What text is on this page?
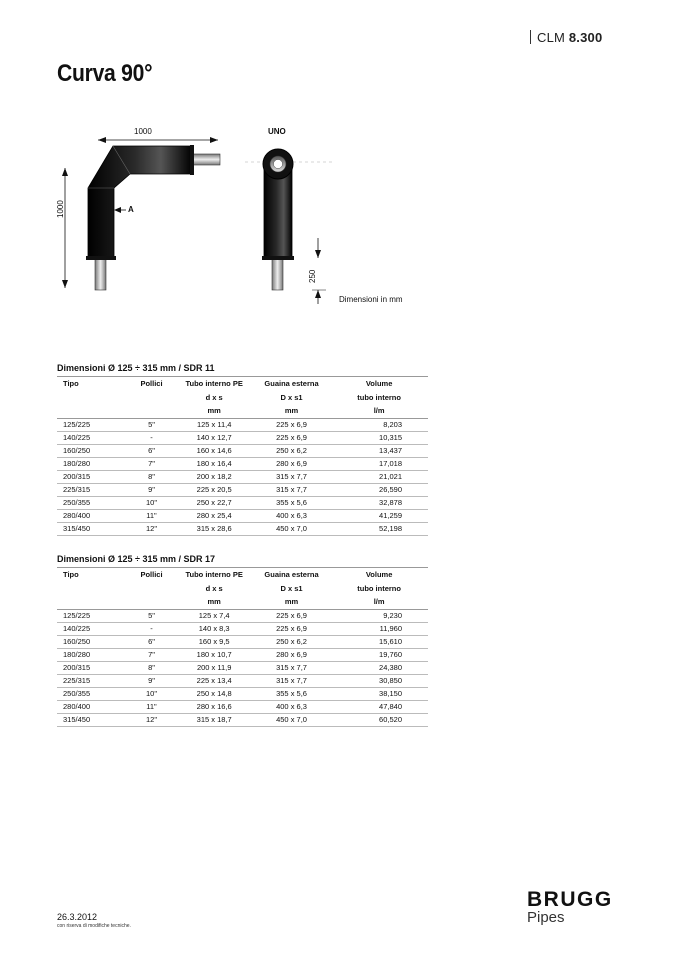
CLM 8.300
Curva 90°
1000
1000	A
UNO
250
Dimensioni in mm
Dimensioni Ø 125 ÷ 315 mm / SDR 11
Tipo	Pollici	Tubo interno PE	Guaina esterna	Volume
		d x s	D x s1	tubo interno
		mm	mm	l/m
125/225	5"	125 x 11,4	225 x 6,9	8,203
140/225	-	140 x 12,7	225 x 6,9	10,315
160/250	6"	160 x 14,6	250 x 6,2	13,437
180/280	7"	180 x 16,4	280 x 6,9	17,018
200/315	8"	200 x 18,2	315 x 7,7	21,021
225/315	9"	225 x 20,5	315 x 7,7	26,590
250/355	10"	250 x 22,7	355 x 5,6	32,878
280/400	11"	280 x 25,4	400 x 6,3	41,259
315/450	12"	315 x 28,6	450 x 7,0	52,198
Dimensioni Ø 125 ÷ 315 mm / SDR 17
Tipo	Pollici	Tubo interno PE	Guaina esterna	Volume
		d x s	D x s1	tubo interno
		mm	mm	l/m
125/225	5"	125 x 7,4	225 x 6,9	9,230
140/225	-	140 x 8,3	225 x 6,9	11,960
160/250	6"	160 x 9,5	250 x 6,2	15,610
180/280	7"	180 x 10,7	280 x 6,9	19,760
200/315	8"	200 x 11,9	315 x 7,7	24,380
225/315	9"	225 x 13,4	315 x 7,7	30,850
250/355	10"	250 x 14,8	355 x 5,6	38,150
280/400	11"	280 x 16,6	400 x 6,3	47,840
315/450	12"	315 x 18,7	450 x 7,0	60,520
26.3.2012
con riserva di modifiche tecniche.
BRUGG
Pipes
